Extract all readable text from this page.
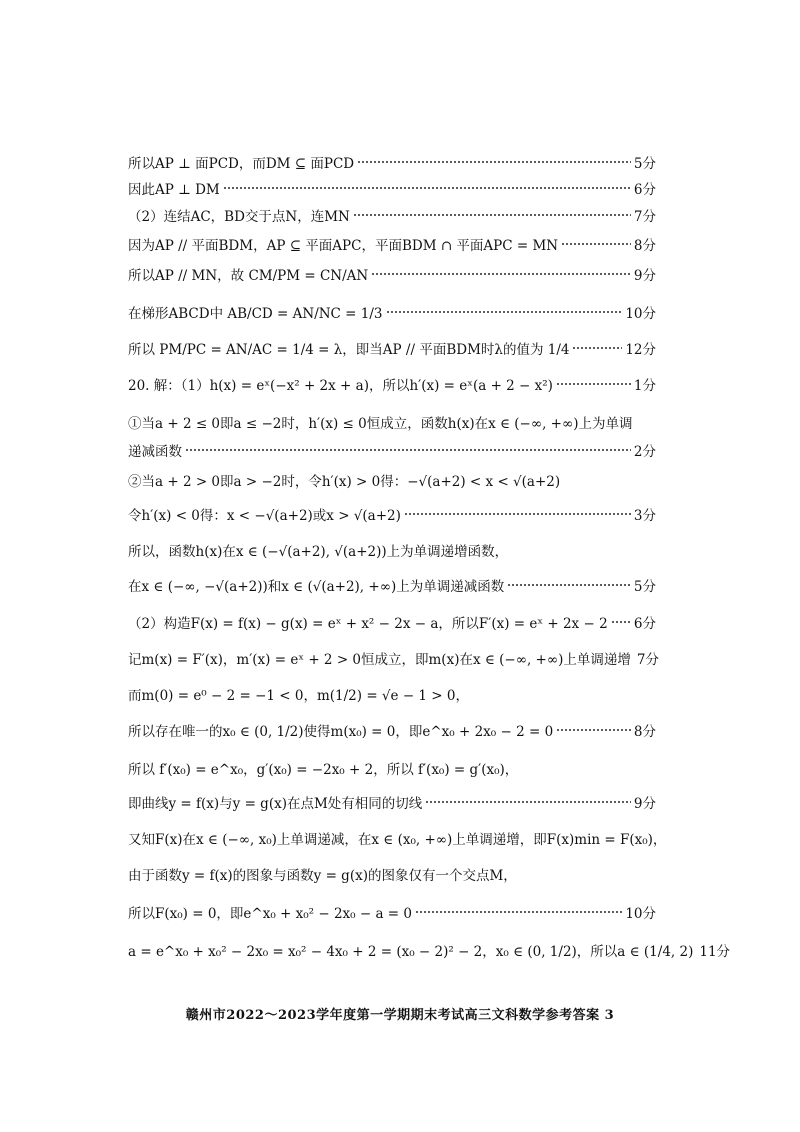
所以AP ⊥ 面PCD，而DM ⊆ 面PCD	5分
因此AP ⊥ DM	6分
（2）连结AC，BD交于点N，连MN	7分
因为AP // 平面BDM，AP ⊆ 平面APC，平面BDM ∩ 平面APC = MN	8分
所以AP // MN，故 CM/PM = CN/AN	9分
在梯形ABCD中 AB/CD = AN/NC = 1/3	10分
所以 PM/PC = AN/AC = 1/4 = λ，即当AP // 平面BDM时λ的值为 1/4	12分
20. 解：（1）h(x) = eˣ(−x² + 2x + a)，所以h′(x) = eˣ(a + 2 − x²)	1分
①当a + 2 ≤ 0即a ≤ −2时，h′(x) ≤ 0恒成立，函数h(x)在x ∈ (−∞, +∞)上为单调
递减函数	2分
②当a + 2 > 0即a > −2时，令h′(x) > 0得：−√(a+2) < x < √(a+2)
令h′(x) < 0得：x < −√(a+2)或x > √(a+2)	3分
所以，函数h(x)在x ∈ (−√(a+2), √(a+2))上为单调递增函数，
在x ∈ (−∞, −√(a+2))和x ∈ (√(a+2), +∞)上为单调递减函数	5分
（2）构造F(x) = f(x) − g(x) = eˣ + x² − 2x − a，所以F′(x) = eˣ + 2x − 2 6分
记m(x) = F′(x)，m′(x) = eˣ + 2 > 0恒成立，即m(x)在x ∈ (−∞, +∞)上单调递增 7分
而m(0) = e⁰ − 2 = −1 < 0，m(1/2) = √e − 1 > 0，
所以存在唯一的x₀ ∈ (0, 1/2)使得m(x₀) = 0，即e^x₀ + 2x₀ − 2 = 0	8分
所以 f′(x₀) = e^x₀，g′(x₀) = −2x₀ + 2，所以 f′(x₀) = g′(x₀)，
即曲线y = f(x)与y = g(x)在点M处有相同的切线	9分
又知F(x)在x ∈ (−∞, x₀)上单调递减，在x ∈ (x₀, +∞)上单调递增，即F(x)min = F(x₀)，
由于函数y = f(x)的图象与函数y = g(x)的图象仅有一个交点M，
所以F(x₀) = 0，即e^x₀ + x₀² − 2x₀ − a = 0	10分
a = e^x₀ + x₀² − 2x₀ = x₀² − 4x₀ + 2 = (x₀ − 2)² − 2，x₀ ∈ (0, 1/2)，所以a ∈ (1/4, 2) 11分
赣州市2022～2023学年度第一学期期末考试高三文科数学参考答案 3
